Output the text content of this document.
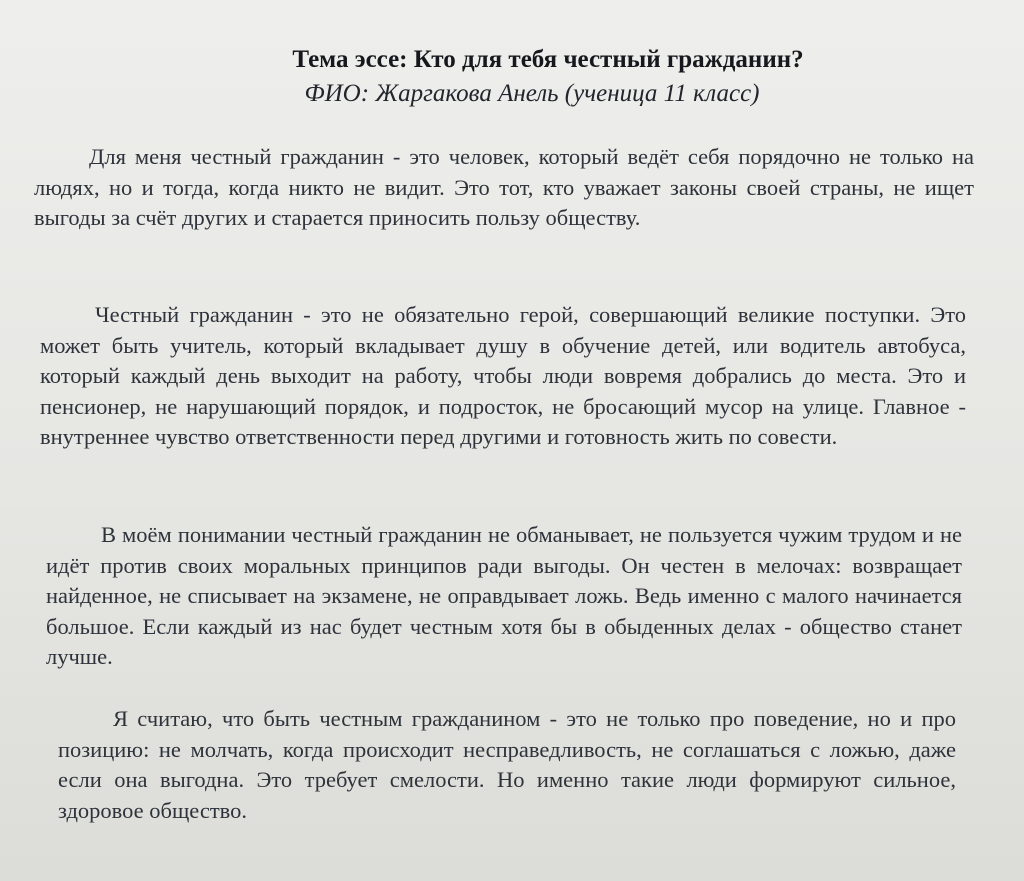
Тема эссе: Кто для тебя честный гражданин?
ФИО: Жаргакова Анель (ученица 11 класс)

Для меня честный гражданин - это человек, который ведёт себя порядочно не только на людях, но и тогда, когда никто не видит. Это тот, кто уважает законы своей страны, не ищет выгоды за счёт других и старается приносить пользу обществу.

Честный гражданин - это не обязательно герой, совершающий великие поступки. Это может быть учитель, который вкладывает душу в обучение детей, или водитель автобуса, который каждый день выходит на работу, чтобы люди вовремя добрались до места. Это и пенсионер, не нарушающий порядок, и подросток, не бросающий мусор на улице. Главное - внутреннее чувство ответственности перед другими и готовность жить по совести.

В моём понимании честный гражданин не обманывает, не пользуется чужим трудом и не идёт против своих моральных принципов ради выгоды. Он честен в мелочах: возвращает найденное, не списывает на экзамене, не оправдывает ложь. Ведь именно с малого начинается большое. Если каждый из нас будет честным хотя бы в обыденных делах - общество станет лучше.

Я считаю, что быть честным гражданином - это не только про поведение, но и про позицию: не молчать, когда происходит несправедливость, не соглашаться с ложью, даже если она выгодна. Это требует смелости. Но именно такие люди формируют сильное, здоровое общество.
